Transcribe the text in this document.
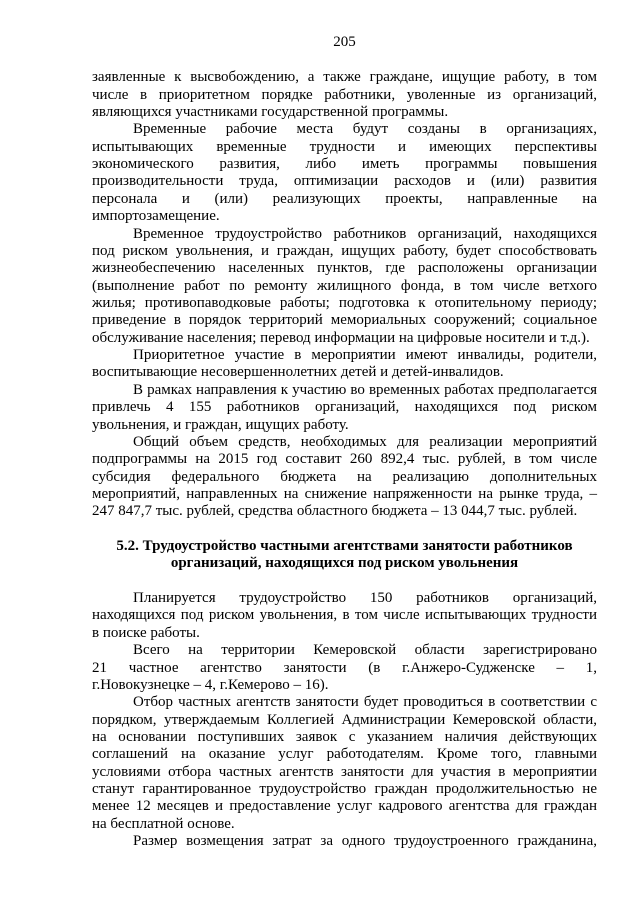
205
заявленные к высвобождению, а также граждане, ищущие работу, в том
числе в приоритетном порядке работники, уволенные из организаций,
являющихся участниками государственной программы.
Временные рабочие места будут созданы в организациях,
испытывающих временные трудности и имеющих перспективы
экономического развития, либо иметь программы повышения
производительности труда, оптимизации расходов и (или) развития
персонала и (или) реализующих проекты, направленные на
импортозамещение.
Временное трудоустройство работников организаций, находящихся
под риском увольнения, и граждан, ищущих работу, будет способствовать
жизнеобеспечению населенных пунктов, где расположены организации
(выполнение работ по ремонту жилищного фонда, в том числе ветхого
жилья; противопаводковые работы; подготовка к отопительному периоду;
приведение в порядок территорий мемориальных сооружений; социальное
обслуживание населения; перевод информации на цифровые носители и т.д.).
Приоритетное участие в мероприятии имеют инвалиды, родители,
воспитывающие несовершеннолетних детей и детей-инвалидов.
В рамках направления к участию во временных работах предполагается
привлечь 4 155 работников организаций, находящихся под риском
увольнения, и граждан, ищущих работу.
Общий объем средств, необходимых для реализации мероприятий
подпрограммы на 2015 год составит 260 892,4 тыс. рублей, в том числе
субсидия федерального бюджета на реализацию дополнительных
мероприятий, направленных на снижение напряженности на рынке труда, –
247 847,7 тыс. рублей, средства областного бюджета – 13 044,7 тыс. рублей.
5.2. Трудоустройство частными агентствами занятости работников
организаций, находящихся под риском увольнения
Планируется трудоустройство 150 работников организаций,
находящихся под риском увольнения, в том числе испытывающих трудности
в поиске работы.
Всего на территории Кемеровской области зарегистрировано
21 частное агентство занятости (в г.Анжеро-Судженске – 1,
г.Новокузнецке – 4, г.Кемерово – 16).
Отбор частных агентств занятости будет проводиться в соответствии с
порядком, утверждаемым Коллегией Администрации Кемеровской области,
на основании поступивших заявок с указанием наличия действующих
соглашений на оказание услуг работодателям. Кроме того, главными
условиями отбора частных агентств занятости для участия в мероприятии
станут гарантированное трудоустройство граждан продолжительностью не
менее 12 месяцев и предоставление услуг кадрового агентства для граждан
на бесплатной основе.
Размер возмещения затрат за одного трудоустроенного гражданина,
